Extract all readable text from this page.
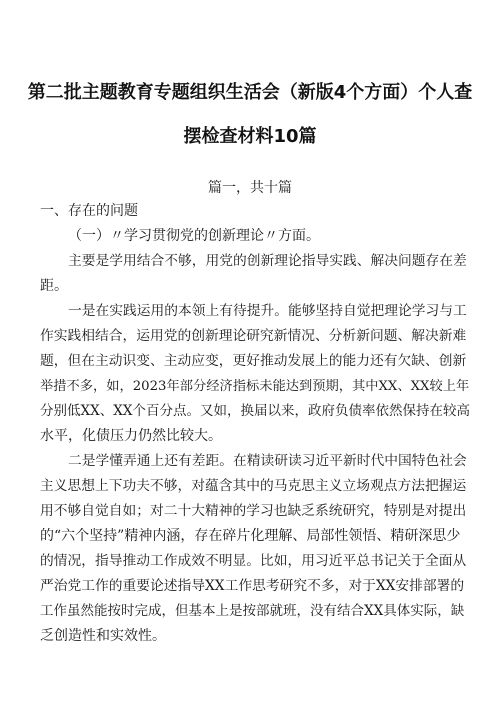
第二批主题教育专题组织生活会（新版4个方面）个人查
摆检查材料10篇
篇一，共十篇
一、存在的问题
（一）〃学习贯彻党的创新理论〃方面。
主要是学用结合不够，用党的创新理论指导实践、解决问题存在差
距。
一是在实践运用的本领上有待提升。能够坚持自觉把理论学习与工
作实践相结合，运用党的创新理论研究新情况、分析新问题、解决新难
题，但在主动识变、主动应变，更好推动发展上的能力还有欠缺、创新
举措不多，如，2023年部分经济指标未能达到预期，其中XX、XX较上年
分别低XX、XX个百分点。又如，换届以来，政府负债率依然保持在较高
水平，化债压力仍然比较大。
二是学懂弄通上还有差距。在精读研读习近平新时代中国特色社会
主义思想上下功夫不够，对蕴含其中的马克思主义立场观点方法把握运
用不够自觉自如；对二十大精神的学习也缺乏系统研究，特别是对提出
的“六个坚持”精神内涵，存在碎片化理解、局部性领悟、精研深思少
的情况，指导推动工作成效不明显。比如，用习近平总书记关于全面从
严治党工作的重要论述指导XX工作思考研究不多，对于XX安排部署的
工作虽然能按时完成，但基本上是按部就班，没有结合XX具体实际，缺
乏创造性和实效性。
